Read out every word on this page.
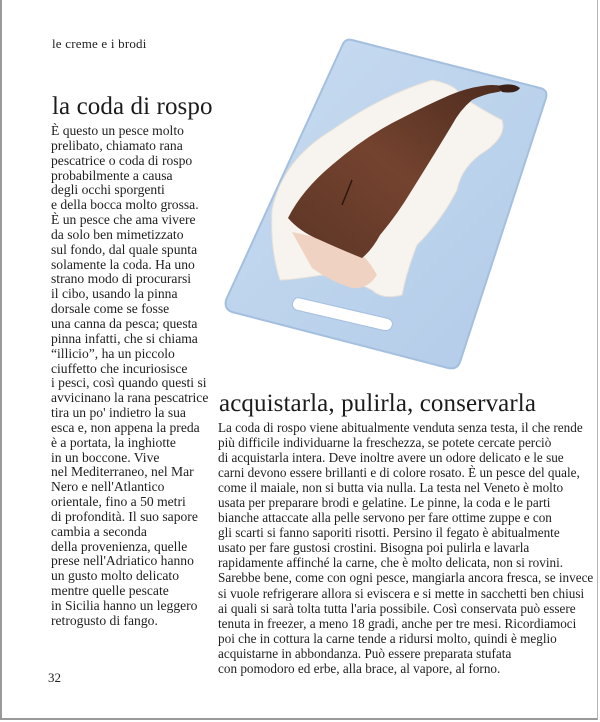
le creme e i brodi
la coda di rospo
È questo un pesce molto
prelibato, chiamato rana
pescatrice o coda di rospo
probabilmente a causa
degli occhi sporgenti
e della bocca molto grossa.
È un pesce che ama vivere
da solo ben mimetizzato
sul fondo, dal quale spunta
solamente la coda. Ha uno
strano modo di procurarsi
il cibo, usando la pinna
dorsale come se fosse
una canna da pesca; questa
pinna infatti, che si chiama
“illicio”, ha un piccolo
ciuffetto che incuriosisce
i pesci, così quando questi si
avvicinano la rana pescatrice
tira un po' indietro la sua
esca e, non appena la preda
è a portata, la inghiotte
in un boccone. Vive
nel Mediterraneo, nel Mar
Nero e nell'Atlantico
orientale, fino a 50 metri
di profondità. Il suo sapore
cambia a seconda
della provenienza, quelle
prese nell'Adriatico hanno
un gusto molto delicato
mentre quelle pescate
in Sicilia hanno un leggero
retrogusto di fango.
acquistarla, pulirla, conservarla
La coda di rospo viene abitualmente venduta senza testa, il che rende
più difficile individuarne la freschezza, se potete cercate perciò
di acquistarla intera. Deve inoltre avere un odore delicato e le sue
carni devono essere brillanti e di colore rosato. È un pesce del quale,
come il maiale, non si butta via nulla. La testa nel Veneto è molto
usata per preparare brodi e gelatine. Le pinne, la coda e le parti
bianche attaccate alla pelle servono per fare ottime zuppe e con
gli scarti si fanno saporiti risotti. Persino il fegato è abitualmente
usato per fare gustosi crostini. Bisogna poi pulirla e lavarla
rapidamente affinché la carne, che è molto delicata, non si rovini.
Sarebbe bene, come con ogni pesce, mangiarla ancora fresca, se invece
si vuole refrigerare allora si eviscera e si mette in sacchetti ben chiusi
ai quali si sarà tolta tutta l'aria possibile. Così conservata può essere
tenuta in freezer, a meno 18 gradi, anche per tre mesi. Ricordiamoci
poi che in cottura la carne tende a ridursi molto, quindi è meglio
acquistarne in abbondanza. Può essere preparata stufata
con pomodoro ed erbe, alla brace, al vapore, al forno.
32
